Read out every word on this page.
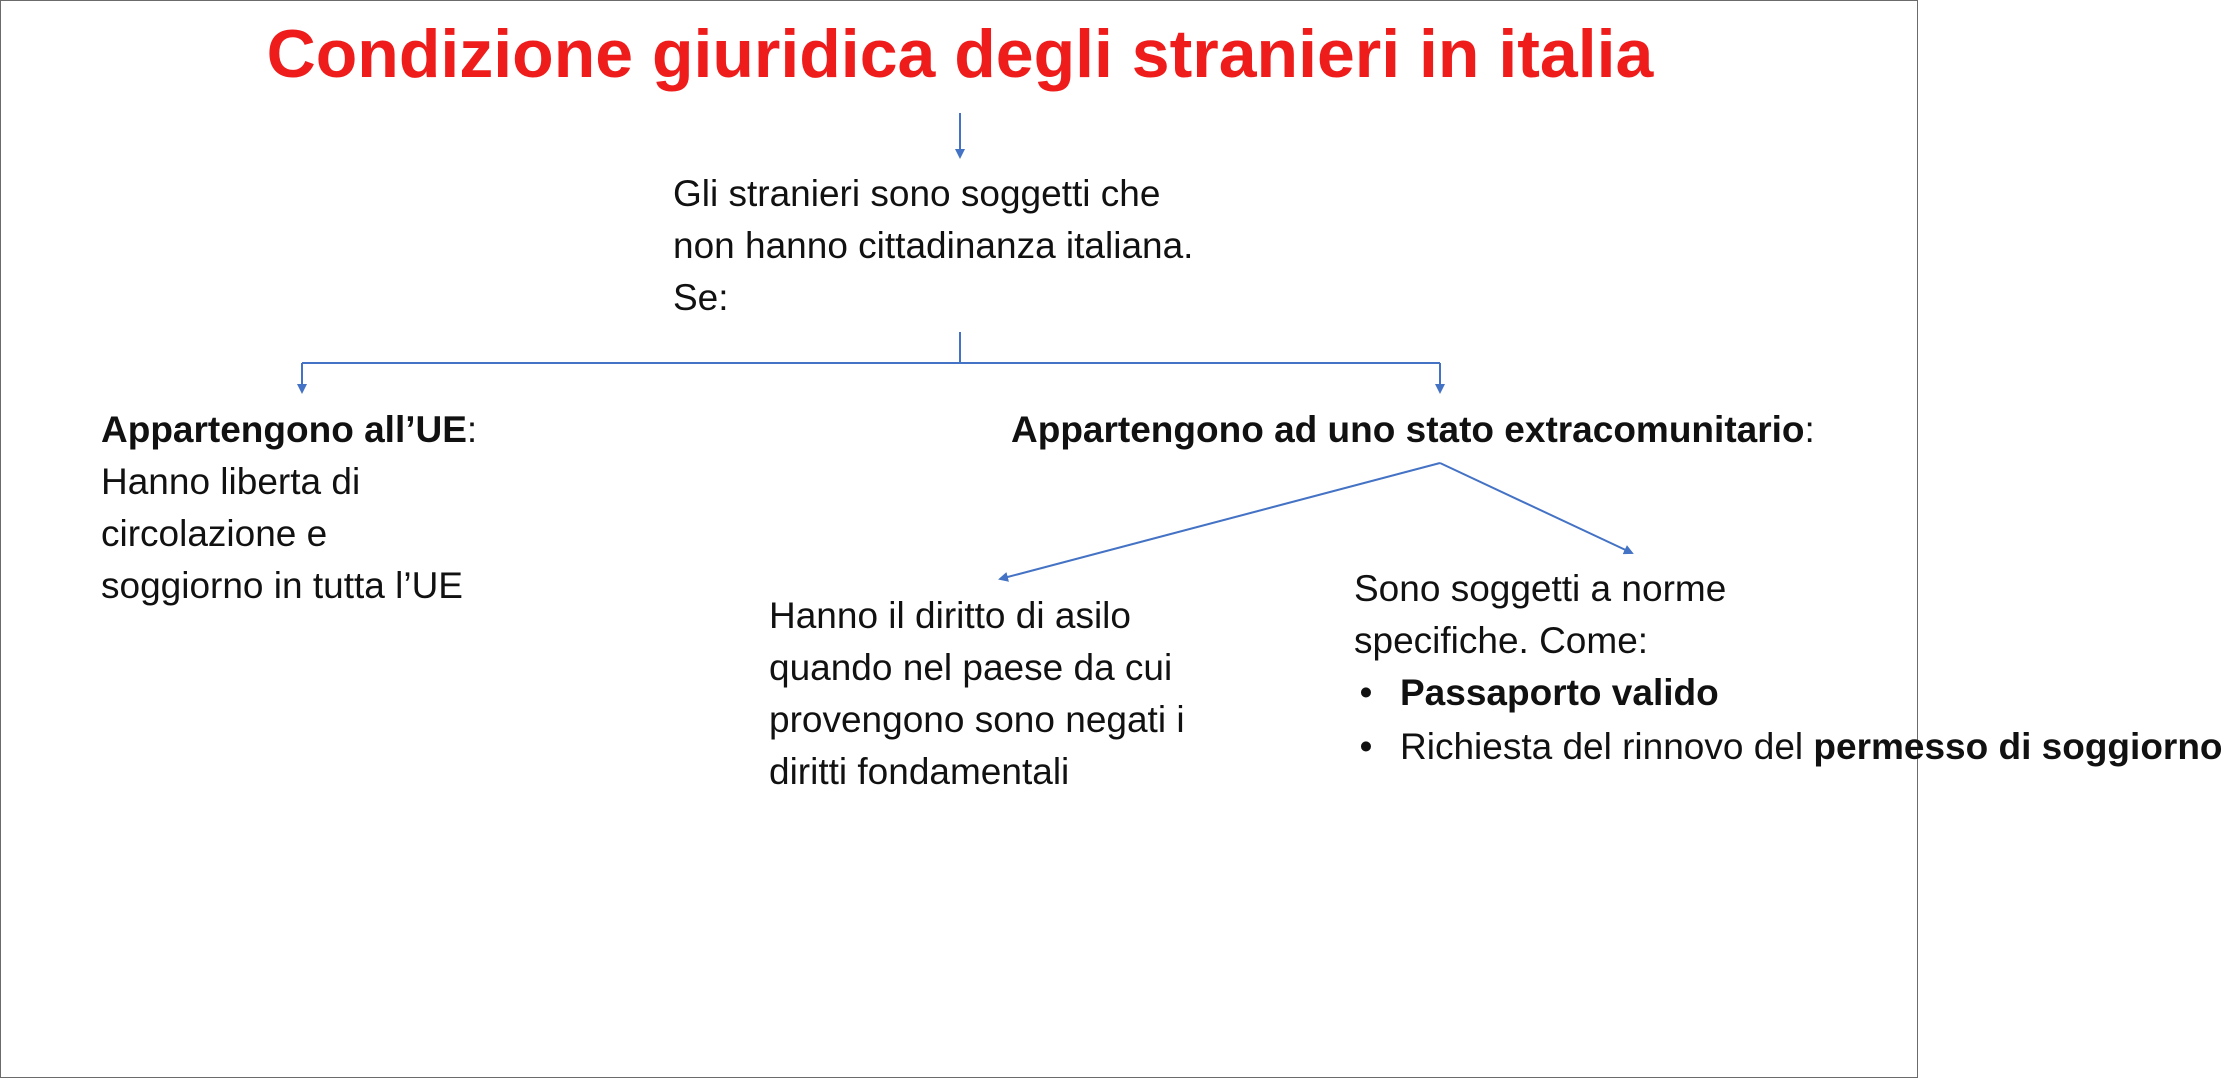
Condizione giuridica degli stranieri in italia
Gli stranieri sono soggetti che
non hanno cittadinanza italiana.
Se:
Appartengono all’UE:
Hanno liberta di
circolazione e
soggiorno in tutta l’UE
Appartengono ad uno stato extracomunitario:
Hanno il diritto di asilo
quando nel paese da cui
provengono sono negati i
diritti fondamentali
Sono soggetti a norme
specifiche. Come:
• Passaporto valido
• Richiesta del rinnovo del permesso di soggiorno
